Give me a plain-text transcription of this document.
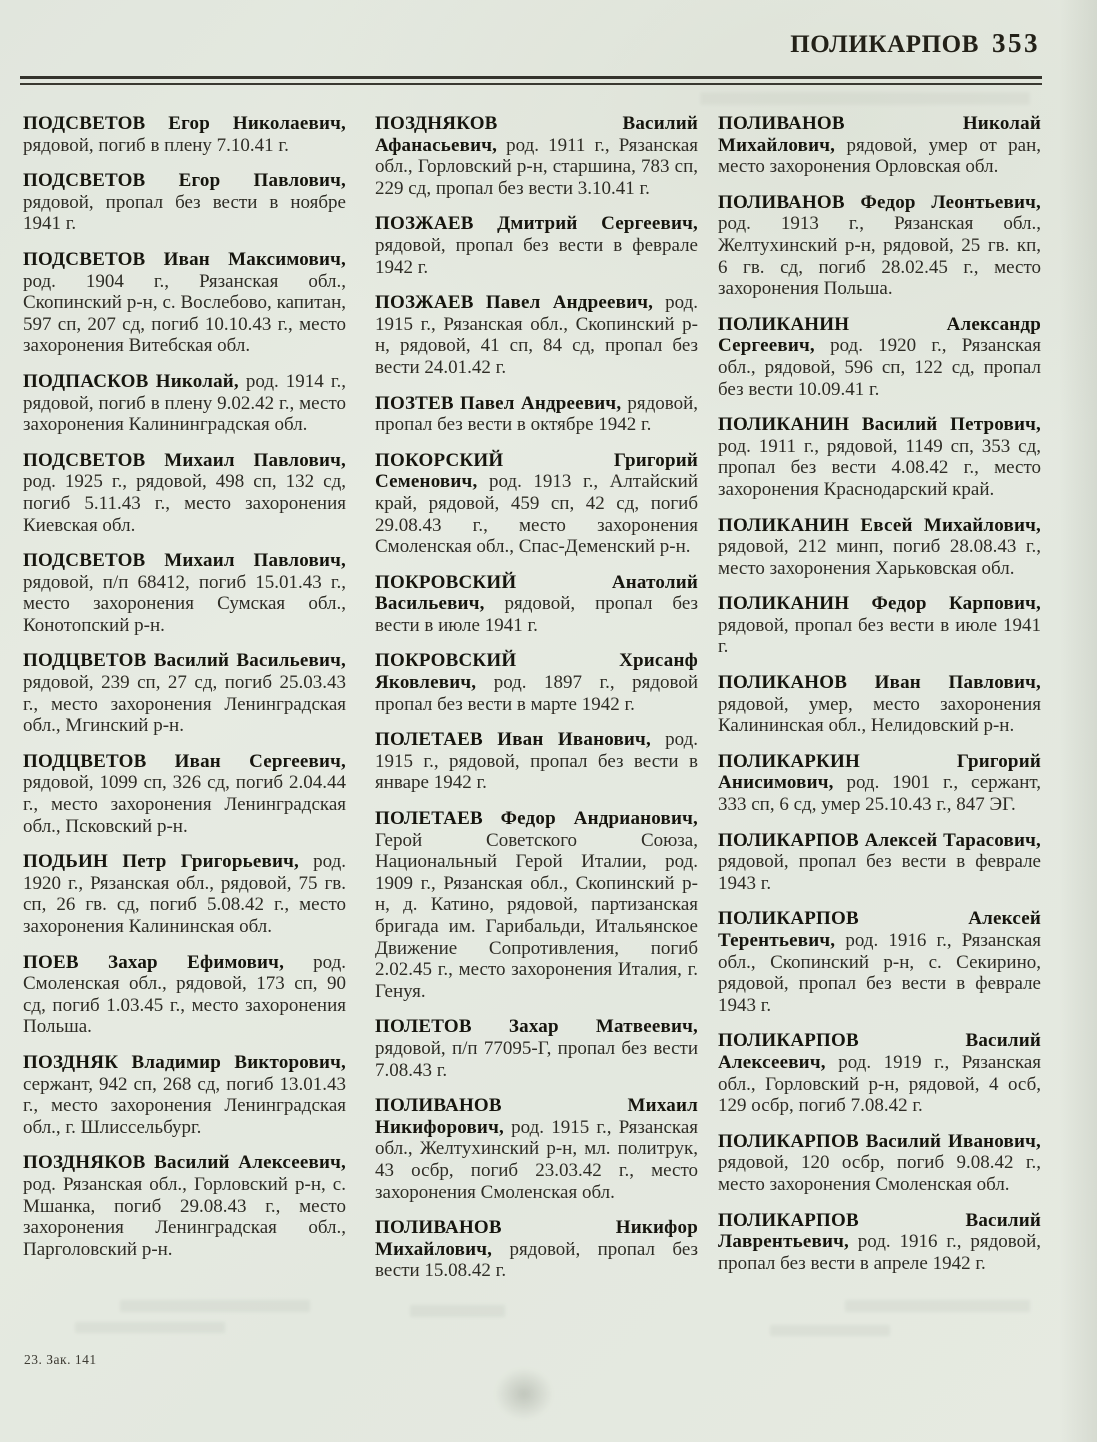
ПОЛИКАРПОВ 353

ПОДСВЕТОВ Егор Николаевич, рядовой, погиб в плену 7.10.41 г.

ПОДСВЕТОВ Егор Павлович, рядовой, пропал без вести в ноябре 1941 г.

ПОДСВЕТОВ Иван Максимович, род. 1904 г., Рязанская обл., Скопинский р-н, с. Вослебово, капитан, 597 сп, 207 сд, погиб 10.10.43 г., место захоронения Витебская обл.

ПОДПАСКОВ Николай, род. 1914 г., рядовой, погиб в плену 9.02.42 г., место захоронения Калининградская обл.

ПОДСВЕТОВ Михаил Павлович, род. 1925 г., рядовой, 498 сп, 132 сд, погиб 5.11.43 г., место захоронения Киевская обл.

ПОДСВЕТОВ Михаил Павлович, рядовой, п/п 68412, погиб 15.01.43 г., место захоронения Сумская обл., Конотопский р-н.

ПОДЦВЕТОВ Василий Васильевич, рядовой, 239 сп, 27 сд, погиб 25.03.43 г., место захоронения Ленинградская обл., Мгинский р-н.

ПОДЦВЕТОВ Иван Сергеевич, рядовой, 1099 сп, 326 сд, погиб 2.04.44 г., место захоронения Ленинградская обл., Псковский р-н.

ПОДЬИН Петр Григорьевич, род. 1920 г., Рязанская обл., рядовой, 75 гв. сп, 26 гв. сд, погиб 5.08.42 г., место захоронения Калининская обл.

ПОЕВ Захар Ефимович, род. Смоленская обл., рядовой, 173 сп, 90 сд, погиб 1.03.45 г., место захоронения Польша.

ПОЗДНЯК Владимир Викторович, сержант, 942 сп, 268 сд, погиб 13.01.43 г., место захоронения Ленинградская обл., г. Шлиссельбург.

ПОЗДНЯКОВ Василий Алексеевич, род. Рязанская обл., Горловский р-н, с. Мшанка, погиб 29.08.43 г., место захоронения Ленинградская обл., Парголовский р-н.

ПОЗДНЯКОВ Василий Афанасьевич, род. 1911 г., Рязанская обл., Горловский р-н, старшина, 783 сп, 229 сд, пропал без вести 3.10.41 г.

ПОЗЖАЕВ Дмитрий Сергеевич, рядовой, пропал без вести в феврале 1942 г.

ПОЗЖАЕВ Павел Андреевич, род. 1915 г., Рязанская обл., Скопинский р-н, рядовой, 41 сп, 84 сд, пропал без вести 24.01.42 г.

ПОЗТЕВ Павел Андреевич, рядовой, пропал без вести в октябре 1942 г.

ПОКОРСКИЙ Григорий Семенович, род. 1913 г., Алтайский край, рядовой, 459 сп, 42 сд, погиб 29.08.43 г., место захоронения Смоленская обл., Спас-Деменский р-н.

ПОКРОВСКИЙ Анатолий Васильевич, рядовой, пропал без вести в июле 1941 г.

ПОКРОВСКИЙ Хрисанф Яковлевич, род. 1897 г., рядовой пропал без вести в марте 1942 г.

ПОЛЕТАЕВ Иван Иванович, род. 1915 г., рядовой, пропал без вести в январе 1942 г.

ПОЛЕТАЕВ Федор Андрианович, Герой Советского Союза, Национальный Герой Италии, род. 1909 г., Рязанская обл., Скопинский р-н, д. Катино, рядовой, партизанская бригада им. Гарибальди, Итальянское Движение Сопротивления, погиб 2.02.45 г., место захоронения Италия, г. Генуя.

ПОЛЕТОВ Захар Матвеевич, рядовой, п/п 77095-Г, пропал без вести 7.08.43 г.

ПОЛИВАНОВ Михаил Никифорович, род. 1915 г., Рязанская обл., Желтухинский р-н, мл. политрук, 43 осбр, погиб 23.03.42 г., место захоронения Смоленская обл.

ПОЛИВАНОВ Никифор Михайлович, рядовой, пропал без вести 15.08.42 г.

ПОЛИВАНОВ Николай Михайлович, рядовой, умер от ран, место захоронения Орловская обл.

ПОЛИВАНОВ Федор Леонтьевич, род. 1913 г., Рязанская обл., Желтухинский р-н, рядовой, 25 гв. кп, 6 гв. сд, погиб 28.02.45 г., место захоронения Польша.

ПОЛИКАНИН Александр Сергеевич, род. 1920 г., Рязанская обл., рядовой, 596 сп, 122 сд, пропал без вести 10.09.41 г.

ПОЛИКАНИН Василий Петрович, род. 1911 г., рядовой, 1149 сп, 353 сд, пропал без вести 4.08.42 г., место захоронения Краснодарский край.

ПОЛИКАНИН Евсей Михайлович, рядовой, 212 минп, погиб 28.08.43 г., место захоронения Харьковская обл.

ПОЛИКАНИН Федор Карпович, рядовой, пропал без вести в июле 1941 г.

ПОЛИКАНОВ Иван Павлович, рядовой, умер, место захоронения Калининская обл., Нелидовский р-н.

ПОЛИКАРКИН Григорий Анисимович, род. 1901 г., сержант, 333 сп, 6 сд, умер 25.10.43 г., 847 ЭГ.

ПОЛИКАРПОВ Алексей Тарасович, рядовой, пропал без вести в феврале 1943 г.

ПОЛИКАРПОВ Алексей Терентьевич, род. 1916 г., Рязанская обл., Скопинский р-н, с. Секирино, рядовой, пропал без вести в феврале 1943 г.

ПОЛИКАРПОВ Василий Алексеевич, род. 1919 г., Рязанская обл., Горловский р-н, рядовой, 4 осб, 129 осбр, погиб 7.08.42 г.

ПОЛИКАРПОВ Василий Иванович, рядовой, 120 осбр, погиб 9.08.42 г., место захоронения Смоленская обл.

ПОЛИКАРПОВ Василий Лаврентьевич, род. 1916 г., рядовой, пропал без вести в апреле 1942 г.

23. Зак. 141
